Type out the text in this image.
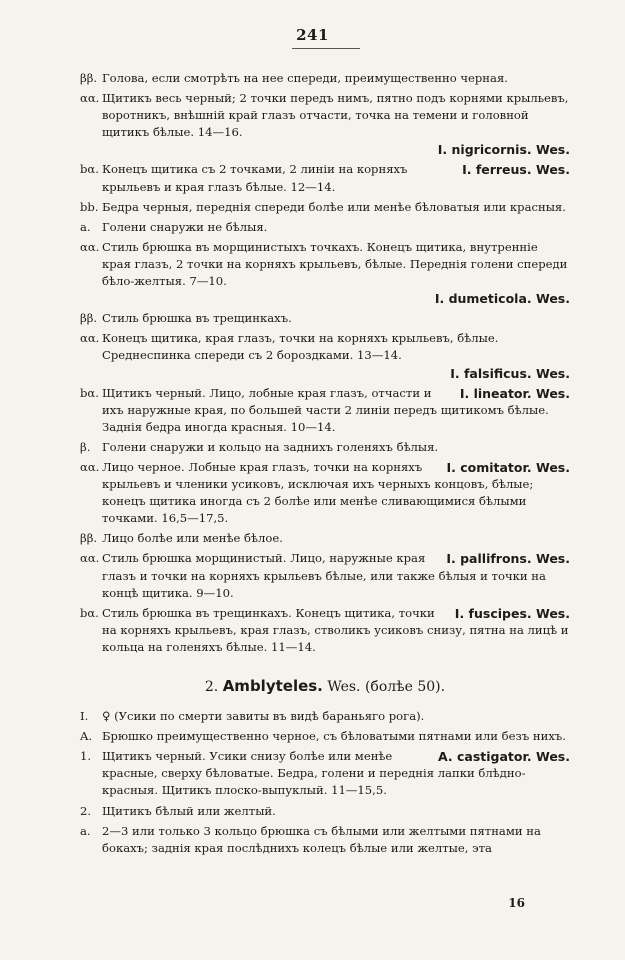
241
ββ. Голова, если смотрѣть на нее спереди, преимущественно черная.
αα. Щитикъ весь черный; 2 точки передъ нимъ, пятно подъ корнями крыльевъ, воротникъ, внѣшній край глазъ отчасти, точка на темени и головной щитикъ бѣлые. 14—16.
I. nigricornis. Wes.
bα.	I. ferreus. Wes.
Конецъ щитика съ 2 точками, 2 линіи на корняхъ крыльевъ и края глазъ бѣлые. 12—14.
bb. Бедра черныя, переднія спереди болѣе или менѣе бѣловатыя или красныя.
a. Голени снаружи не бѣлыя.
αα. Стиль брюшка въ морщинистыхъ точкахъ. Конецъ щитика, внутренніе края глазъ, 2 точки на корняхъ крыльевъ, бѣлые. Переднія голени спереди бѣло-желтыя. 7—10.
I. dumeticola. Wes.
ββ. Стиль брюшка въ трещинкахъ.
αα. Конецъ щитика, края глазъ, точки на корняхъ крыльевъ, бѣлые. Среднеспинка спереди съ 2 бороздками. 13—14.
I. falsificus. Wes.
bα.	I. lineator. Wes.
Щитикъ черный. Лицо, лобные края глазъ, отчасти и ихъ наружные края, по большей части 2 линіи передъ щитикомъ бѣлые. Заднія бедра иногда красныя. 10—14.
β. Голени снаружи и кольцо на заднихъ голеняхъ бѣлыя.
αα.	I. comitator. Wes.
Лицо черное. Лобные края глазъ, точки на корняхъ крыльевъ и членики усиковъ, исключая ихъ черныхъ концовъ, бѣлые; конецъ щитика иногда съ 2 болѣе или менѣе сливающимися бѣлыми точками. 16,5—17,5.
ββ. Лицо болѣе или менѣе бѣлое.
αα.	I. pallifrons. Wes.
Стиль брюшка морщинистый. Лицо, наружные края глазъ и точки на корняхъ крыльевъ бѣлые, или также бѣлыя и точки на концѣ щитика. 9—10.
bα.	I. fuscipes. Wes.
Стиль брюшка въ трещинкахъ. Конецъ щитика, точки на корняхъ крыльевъ, края глазъ, стволикъ усиковъ снизу, пятна на лицѣ и кольца на голеняхъ бѣлые. 11—14.
2. Amblyteles. Wes. (болѣе 50).
I. ♀ (Усики по смерти завиты въ видѣ бараньяго рога).
A. Брюшко преимущественно черное, съ бѣловатыми пятнами или безъ нихъ.
1.	A. castigator. Wes.
Щитикъ черный. Усики снизу болѣе или менѣе красные, сверху бѣловатые. Бедра, голени и переднія лапки блѣдно-красныя. Щитикъ плоско-выпуклый. 11—15,5.
2. Щитикъ бѣлый или желтый.
a. 2—3 или только 3 кольцо брюшка съ бѣлыми или желтыми пятнами на бокахъ; заднія края послѣднихъ колецъ бѣлые или желтые, эта
16
